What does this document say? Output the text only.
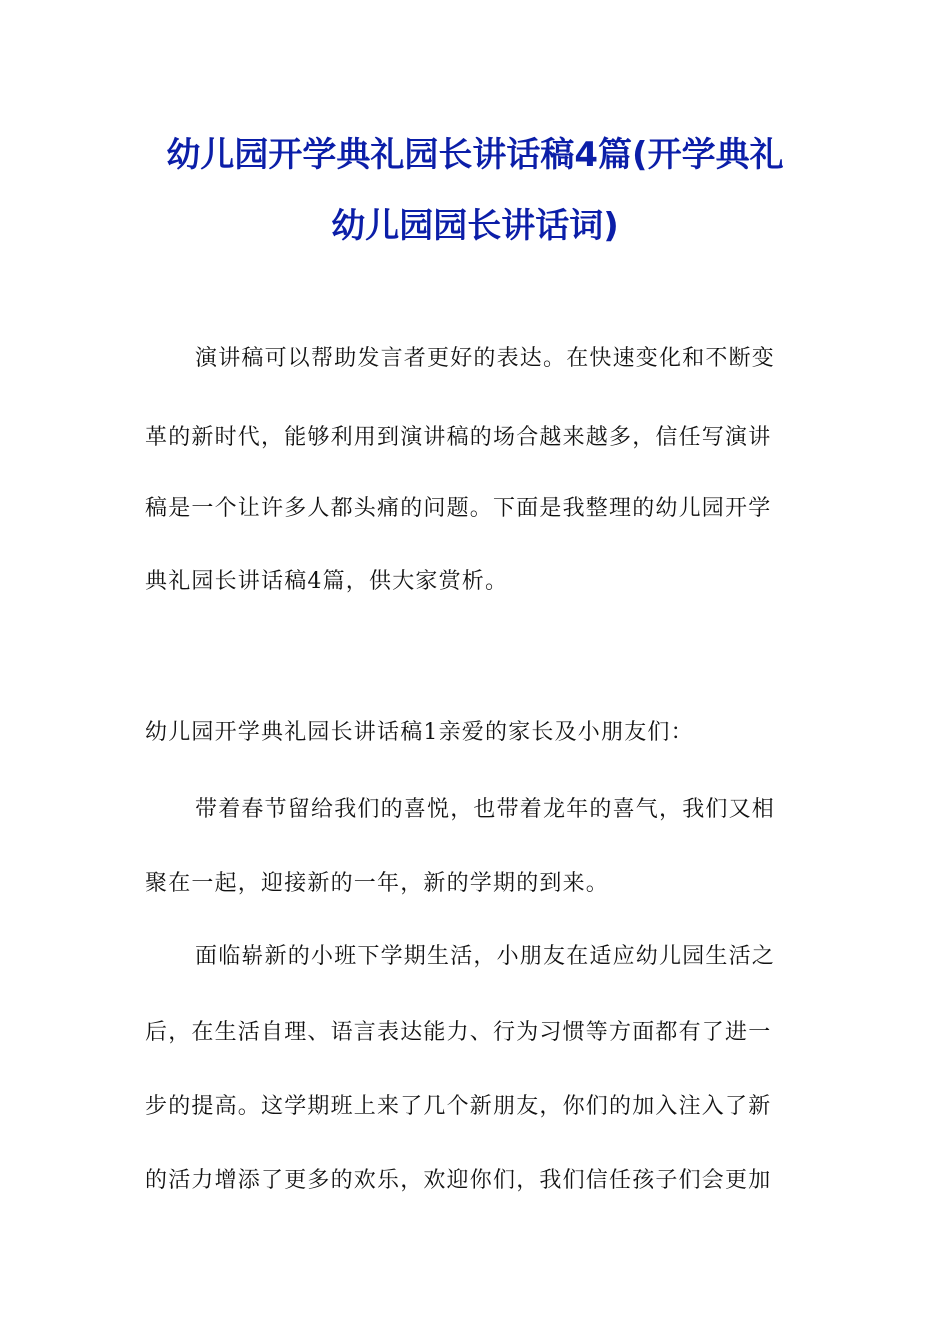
幼儿园开学典礼园长讲话稿4篇(开学典礼
幼儿园园长讲话词)
演讲稿可以帮助发言者更好的表达。在快速变化和不断变
革的新时代，能够利用到演讲稿的场合越来越多，信任写演讲
稿是一个让许多人都头痛的问题。下面是我整理的幼儿园开学
典礼园长讲话稿4篇，供大家赏析。
幼儿园开学典礼园长讲话稿1亲爱的家长及小朋友们：
带着春节留给我们的喜悦，也带着龙年的喜气，我们又相
聚在一起，迎接新的一年，新的学期的到来。
面临崭新的小班下学期生活，小朋友在适应幼儿园生活之
后，在生活自理、语言表达能力、行为习惯等方面都有了进一
步的提高。这学期班上来了几个新朋友，你们的加入注入了新
的活力增添了更多的欢乐，欢迎你们，我们信任孩子们会更加
